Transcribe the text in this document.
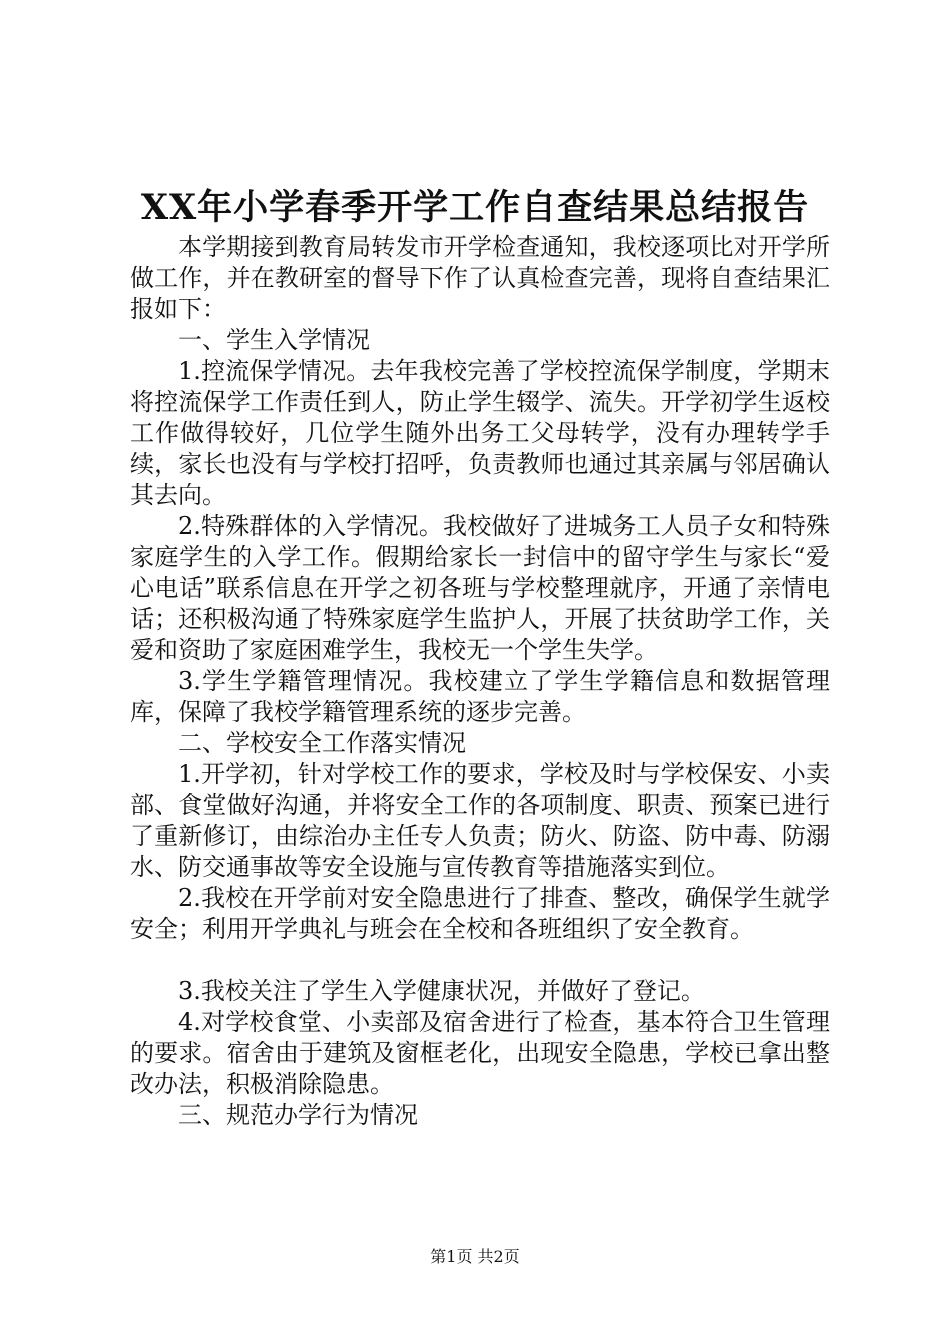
XX年小学春季开学工作自查结果总结报告

本学期接到教育局转发市开学检查通知，我校逐项比对开学所做工作，并在教研室的督导下作了认真检查完善，现将自查结果汇报如下：

一、学生入学情况

1.控流保学情况。去年我校完善了学校控流保学制度，学期末将控流保学工作责任到人，防止学生辍学、流失。开学初学生返校工作做得较好，几位学生随外出务工父母转学，没有办理转学手续，家长也没有与学校打招呼，负责教师也通过其亲属与邻居确认其去向。

2.特殊群体的入学情况。我校做好了进城务工人员子女和特殊家庭学生的入学工作。假期给家长一封信中的留守学生与家长“爱心电话”联系信息在开学之初各班与学校整理就序，开通了亲情电话；还积极沟通了特殊家庭学生监护人，开展了扶贫助学工作，关爱和资助了家庭困难学生，我校无一个学生失学。

3.学生学籍管理情况。我校建立了学生学籍信息和数据管理库，保障了我校学籍管理系统的逐步完善。

二、学校安全工作落实情况

1.开学初，针对学校工作的要求，学校及时与学校保安、小卖部、食堂做好沟通，并将安全工作的各项制度、职责、预案已进行了重新修订，由综治办主任专人负责；防火、防盗、防中毒、防溺水、防交通事故等安全设施与宣传教育等措施落实到位。

2.我校在开学前对安全隐患进行了排查、整改，确保学生就学安全；利用开学典礼与班会在全校和各班组织了安全教育。

3.我校关注了学生入学健康状况，并做好了登记。

4.对学校食堂、小卖部及宿舍进行了检查，基本符合卫生管理的要求。宿舍由于建筑及窗框老化，出现安全隐患，学校已拿出整改办法，积极消除隐患。

三、规范办学行为情况

第1页 共2页
